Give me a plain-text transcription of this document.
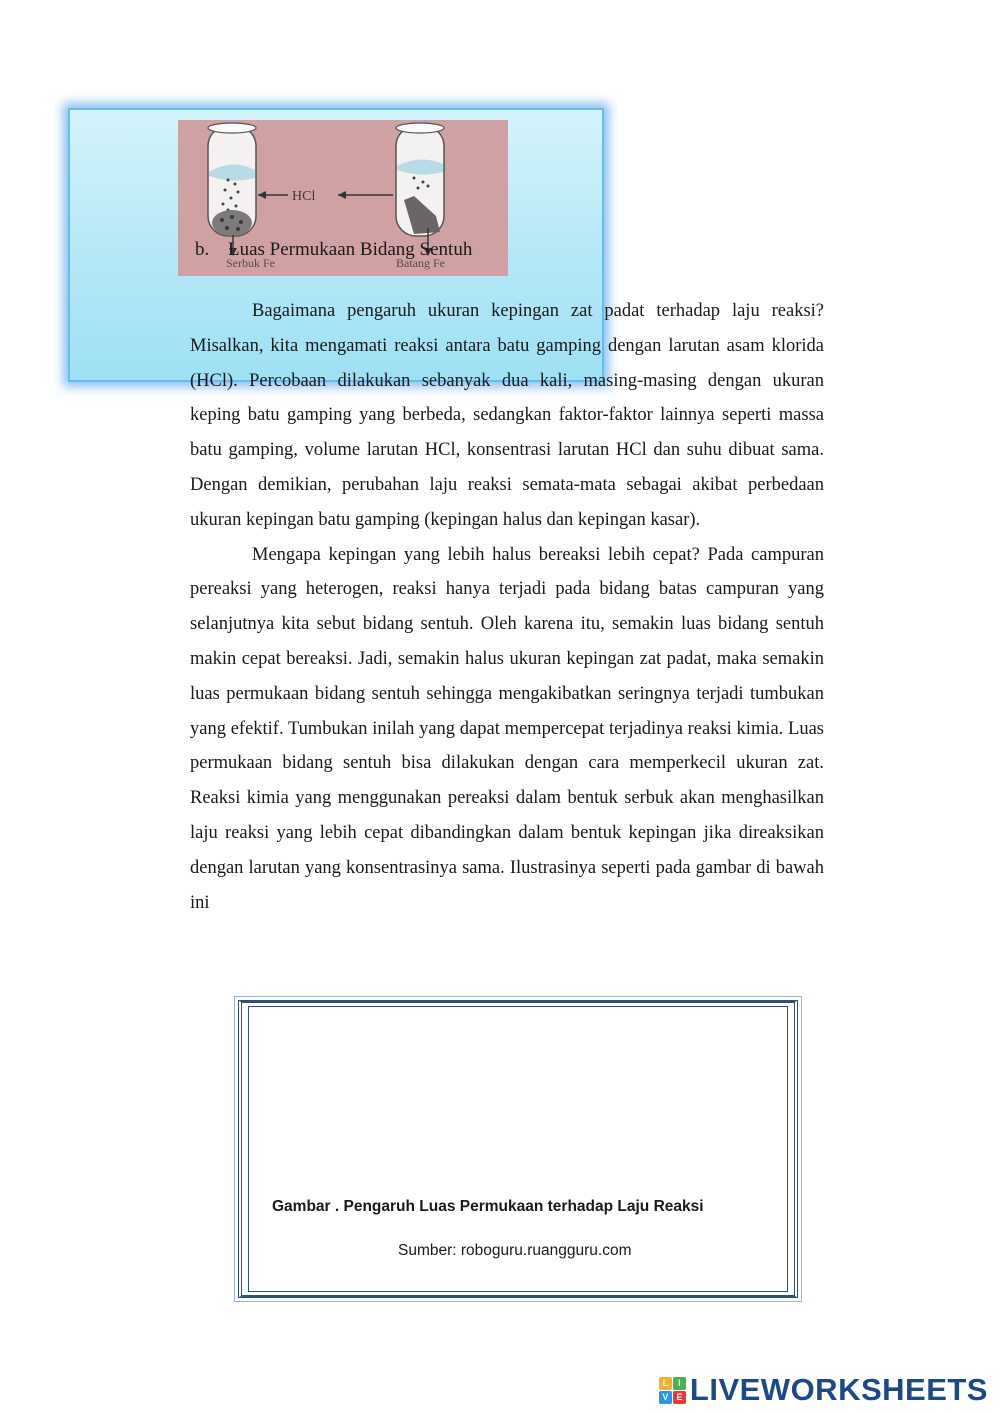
HCl
Serbuk Fe	Batang Fe
b. Luas Permukaan Bidang Sentuh

Bagaimana pengaruh ukuran kepingan zat padat terhadap laju reaksi? Misalkan, kita mengamati reaksi antara batu gamping dengan larutan asam klorida (HCl). Percobaan dilakukan sebanyak dua kali, masing-masing dengan ukuran keping batu gamping yang berbeda, sedangkan faktor-faktor lainnya seperti massa batu gamping, volume larutan HCl, konsentrasi larutan HCl dan suhu dibuat sama. Dengan demikian, perubahan laju reaksi semata-mata sebagai akibat perbedaan ukuran kepingan batu gamping (kepingan halus dan kepingan kasar).

Mengapa kepingan yang lebih halus bereaksi lebih cepat? Pada campuran pereaksi yang heterogen, reaksi hanya terjadi pada bidang batas campuran yang selanjutnya kita sebut bidang sentuh. Oleh karena itu, semakin luas bidang sentuh makin cepat bereaksi. Jadi, semakin halus ukuran kepingan zat padat, maka semakin luas permukaan bidang sentuh sehingga mengakibatkan seringnya terjadi tumbukan yang efektif. Tumbukan inilah yang dapat mempercepat terjadinya reaksi kimia. Luas permukaan bidang sentuh bisa dilakukan dengan cara memperkecil ukuran zat. Reaksi kimia yang menggunakan pereaksi dalam bentuk serbuk akan menghasilkan laju reaksi yang lebih cepat dibandingkan dalam bentuk kepingan jika direaksikan dengan larutan yang konsentrasinya sama. Ilustrasinya seperti pada gambar di bawah ini

Gambar . Pengaruh Luas Permukaan terhadap Laju Reaksi
Sumber: roboguru.ruangguru.com
L	I
V E LIVEWORKSHEETS
